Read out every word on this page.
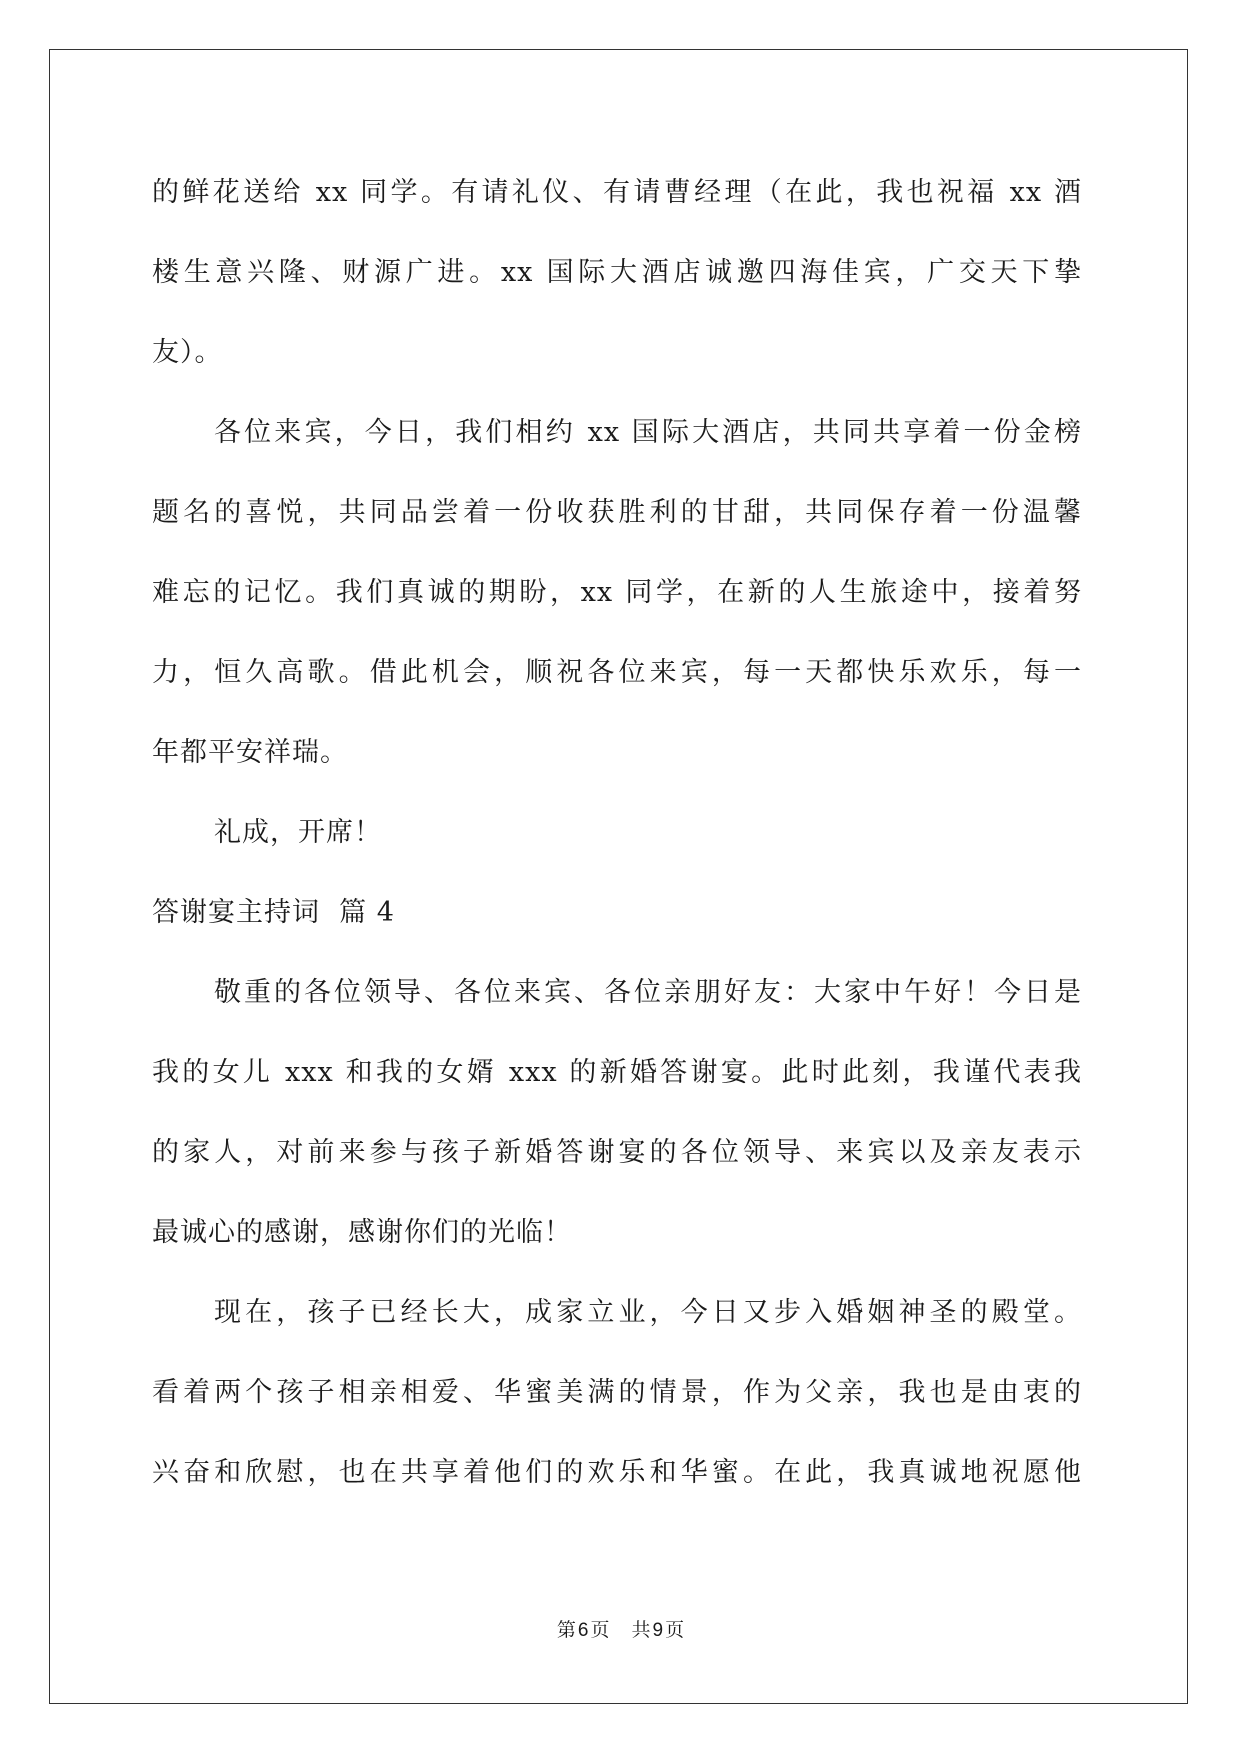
的鲜花送给 xx 同学。有请礼仪、有请曹经理（在此，我也祝福 xx 酒
楼生意兴隆、财源广进。xx 国际大酒店诚邀四海佳宾，广交天下挚
友）。
各位来宾，今日，我们相约 xx 国际大酒店，共同共享着一份金榜
题名的喜悦，共同品尝着一份收获胜利的甘甜，共同保存着一份温馨
难忘的记忆。我们真诚的期盼，xx 同学，在新的人生旅途中，接着努
力，恒久高歌。借此机会，顺祝各位来宾，每一天都快乐欢乐，每一
年都平安祥瑞。
礼成，开席！
答谢宴主持词  篇 4
敬重的各位领导、各位来宾、各位亲朋好友：大家中午好！今日是
我的女儿 xxx 和我的女婿 xxx 的新婚答谢宴。此时此刻，我谨代表我
的家人，对前来参与孩子新婚答谢宴的各位领导、来宾以及亲友表示
最诚心的感谢，感谢你们的光临！
现在，孩子已经长大，成家立业，今日又步入婚姻神圣的殿堂。
看着两个孩子相亲相爱、华蜜美满的情景，作为父亲，我也是由衷的
兴奋和欣慰，也在共享着他们的欢乐和华蜜。在此，我真诚地祝愿他
第 6 页 共 9 页
